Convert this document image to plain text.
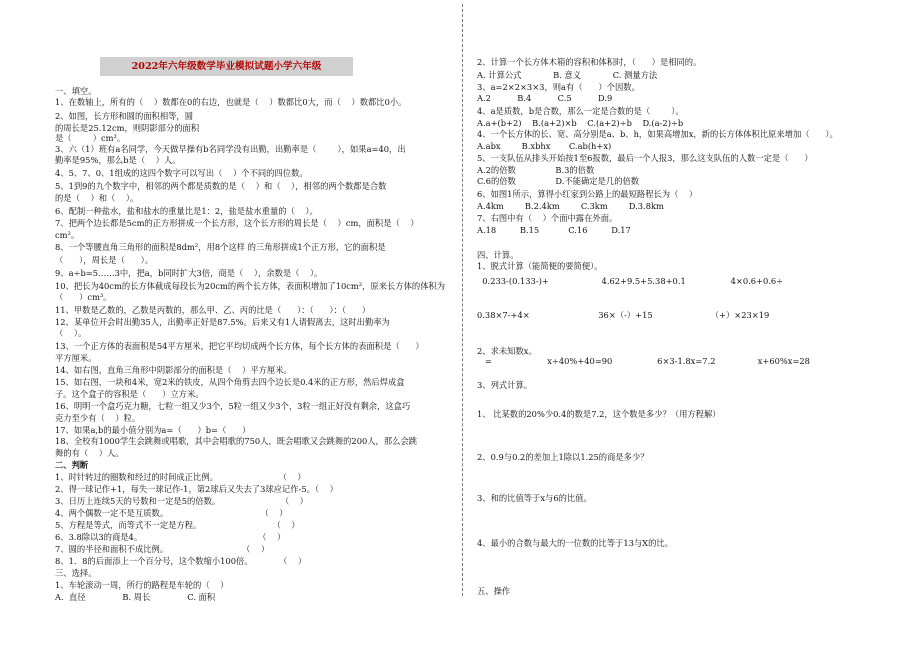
2022年六年级数学毕业模拟试题小学六年级
一、填空。
1、在数轴上，所有的（    ）数都在0的右边，也就是（    ）数都比0大，而（    ）数都比0小。
2、如图，长方形和圆的面积相等，圆
的周长是25.12cm，则阴影部分的面积
是（        ）cm²。
3、六（1）班有a名同学，今天做早操有b名同学没有出勤，出勤率是（        ），如果a=40，出
勤率是95%，那么b是（    ）人。
4、5、7、0、1组成的这四个数字可以写出（    ）个不同的四位数。
5、1到9的九个数字中，相邻的两个都是质数的是（    ）和（    ），相邻的两个数都是合数
的是（    ）和（    ）。
6、配制一种盐水，盐和盐水的重量比是1：2，盐是盐水重量的（    ）。
7、把两个边长都是5cm的正方形拼成一个长方形，这个长方形的周长是（    ）cm，面积是（    ）
cm²。
8、一个等腰直角三角形的面积是8dm²，用8个这样 的三角形拼成1个正方形，它的面积是
（      ），周长是（      ）。
9、a÷b=5……3中，把a，b同时扩大3倍，商是（    ），余数是（    ）。
10、把长为40cm的长方体截成每段长为20cm的两个长方体，表面积增加了10cm²，原来长方体的体积为
（      ）cm³。
11、甲数是乙数的，乙数是丙数的，那么甲、乙、丙的比是（      ）：（      ）：（      ）
12、某单位开会时出勤35人，出勤率正好是87.5%。后来又有1人请假离去，这时出勤率为
（    ）。
13、一个正方体的表面积是54平方厘米，把它平均切成两个长方体，每个长方体的表面积是（      ）
平方厘米。
14、如右图，直角三角形中阴影部分的面积是（    ）平方厘米。
15、如右图，一块和4米，宽2米的铁皮，从四个角剪去四个边长是0.4米的正方形，然后焊成盒
子。这个盒子的容积是（      ）立方米。
16、明明一个盒巧克力糖，七粒一组又少3个，5粒一组又少3个，3粒一组正好没有剩余，这盒巧
克力至少有（    ）粒。
17、如果a,b的最小值分别为a=（      ）b=（      ）
18、全校有1000学生会跳舞或唱歌，其中会唱歌的750人，既会唱歌又会跳舞的200人，那么会跳
舞的有（    ）人。
二、判断
1、时针转过的圈数和经过的时间成正比例。                       （    ）
2、得一球记作+1，每失一球记作-1，第2球后又失去了3球应记作-5。（    ）
3、日历上连续5天的号数和一定是5的倍数。                       （    ）
4、两个偶数一定不是互质数。                                   （    ）
5、方程是等式，而等式不一定是方程。                           （    ）
6、3.8除以3的商是4。                                            （    ）
7、圆的半径和面积不成比例。                            （    ）
8、1．8的后面添上一个百分号，这个数缩小100倍。          （    ）
三、选择。
1、车轮滚动一周，所行的路程是车轮的（    ）
A.  直径              B. 周长              C. 面积
2、计算一个长方体木箱的容积和体积时，（      ）是相同的。
A. 计算公式            B. 意义            C. 测量方法
3、a=2×2×3×3，则a有（      ）个因数。
A.2          B.4          C.5          D.9
4、a是质数，b是合数，那么一定是合数的是（        ）。
A.a+(b+2)    B.(a+2)×b    C.(a+2)÷b    D.(a-2)÷b
4、一个长方体的长、宽、高分别是a、b、h，如果高增加x，新的长方体体积比原来增加（      ）。
A.abx        B.xbhx       C.ab(h+x)
5、一支队伍从排头开始按1至6报数，最后一个人报3，那么这支队伍的人数一定是（      ）
A.2的倍数               B.3的倍数
C.6的倍数               D.不能确定是几的倍数
6、如图1所示，算得小红家到公路上的最短路程长为（    ）
A.4km        B.2.4km        C.3km        D.3.8km
7、右图中有（    ）个面中露在外面。
A.18         B.15           C.16         D.17
四、计算。
1、脱式计算（能简便的要简便）。
0.233-(0.133-)+                    4.62+9.5+5.38+0.1                 4×0.6+0.6÷
0.38×7-+4×                          36×（-）+15                      （+）×23×19
2、求未知数x。
=                     x÷40%+40=90                 6×3-1.8x=7.2                x+60%x=28
3、列式计算。
1、 比某数的20%少0.4的数是7.2，这个数是多少？（用方程解）
2、0.9与0.2的差加上1除以1.25的商是多少？
3、和的比值等于x与6的比值。
4、最小的合数与最大的一位数的比等于13与X的比。
五、操作
